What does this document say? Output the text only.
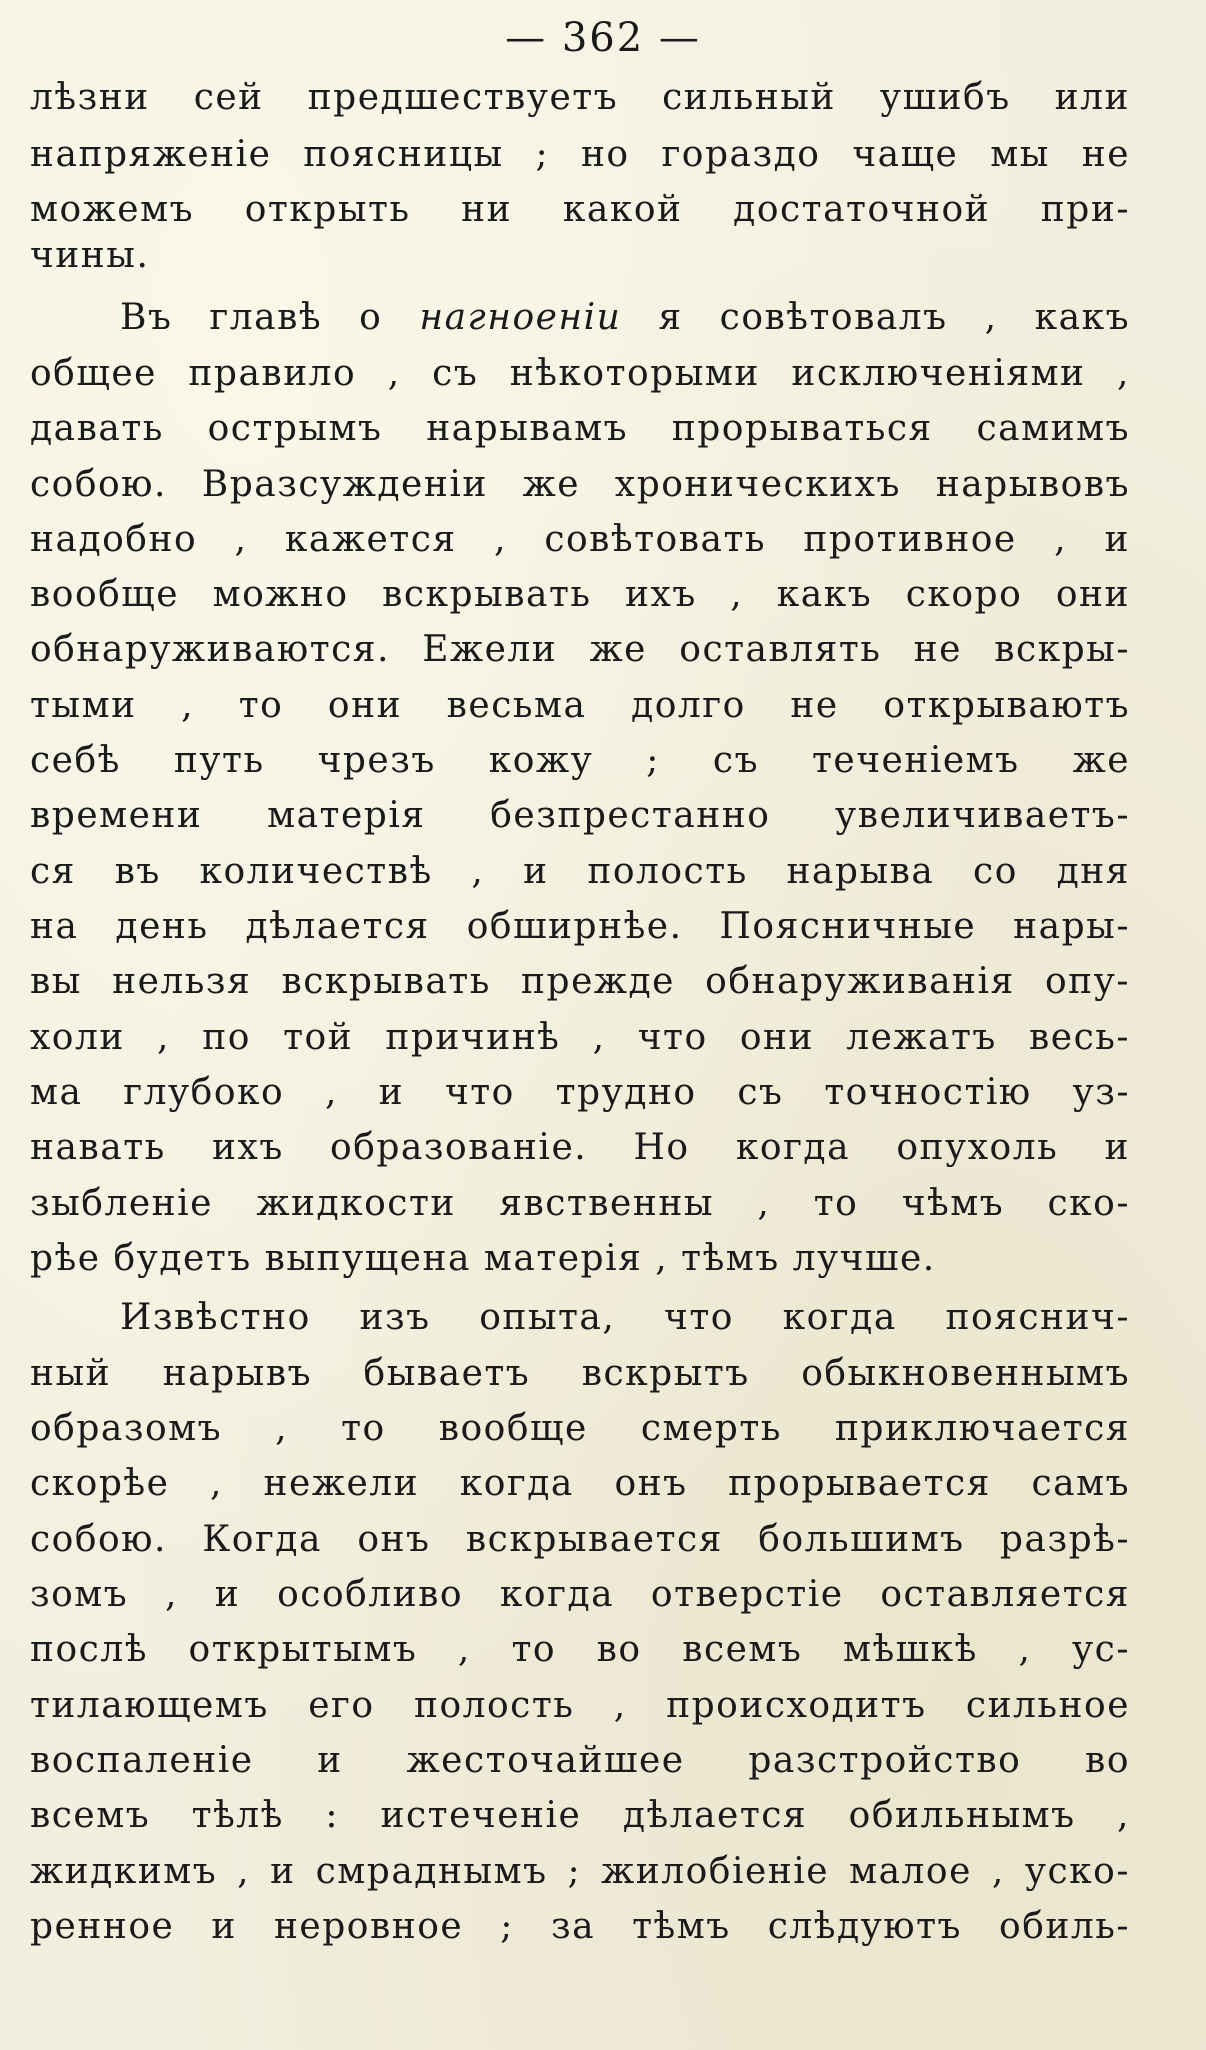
— 362 —
лѣзни сей предшествуетъ сильный ушибъ или
напряженіе поясницы ; но гораздо чаще мы не
можемъ открыть ни какой достаточной при-
чины.
Въ главѣ о нагноеніи я совѣтовалъ , какъ
общее правило , съ нѣкоторыми исключеніями ,
давать острымъ нарывамъ прорываться самимъ
собою. Вразсужденіи же хроническихъ нарывовъ
надобно , кажется , совѣтовать противное , и
вообще можно вскрывать ихъ , какъ скоро они
обнаруживаются. Ежели же оставлять не вскры-
тыми , то они весьма долго не открываютъ
себѣ путь чрезъ кожу ; съ теченіемъ же
времени матерія безпрестанно увеличиваетъ-
ся въ количествѣ , и полость нарыва со дня
на день дѣлается обширнѣе. Поясничные нары-
вы нельзя вскрывать прежде обнаруживанія опу-
холи , по той причинѣ , что они лежатъ весь-
ма глубоко , и что трудно съ точностію уз-
навать ихъ образованіе. Но когда опухоль и
зыбленіе жидкости явственны , то чѣмъ ско-
рѣе будетъ выпущена матерія , тѣмъ лучше.
Извѣстно изъ опыта, что когда пояснич-
ный нарывъ бываетъ вскрытъ обыкновеннымъ
образомъ , то вообще смерть приключается
скорѣе , нежели когда онъ прорывается самъ
собою. Когда онъ вскрывается большимъ разрѣ-
зомъ , и особливо когда отверстіе оставляется
послѣ открытымъ , то во всемъ мѣшкѣ , ус-
тилающемъ его полость , происходитъ сильное
воспаленіе и жесточайшее разстройство во
всемъ тѣлѣ : истеченіе дѣлается обильнымъ ,
жидкимъ , и смраднымъ ; жилобіеніе малое , уско-
ренное и неровное ; за тѣмъ слѣдуютъ обиль-
